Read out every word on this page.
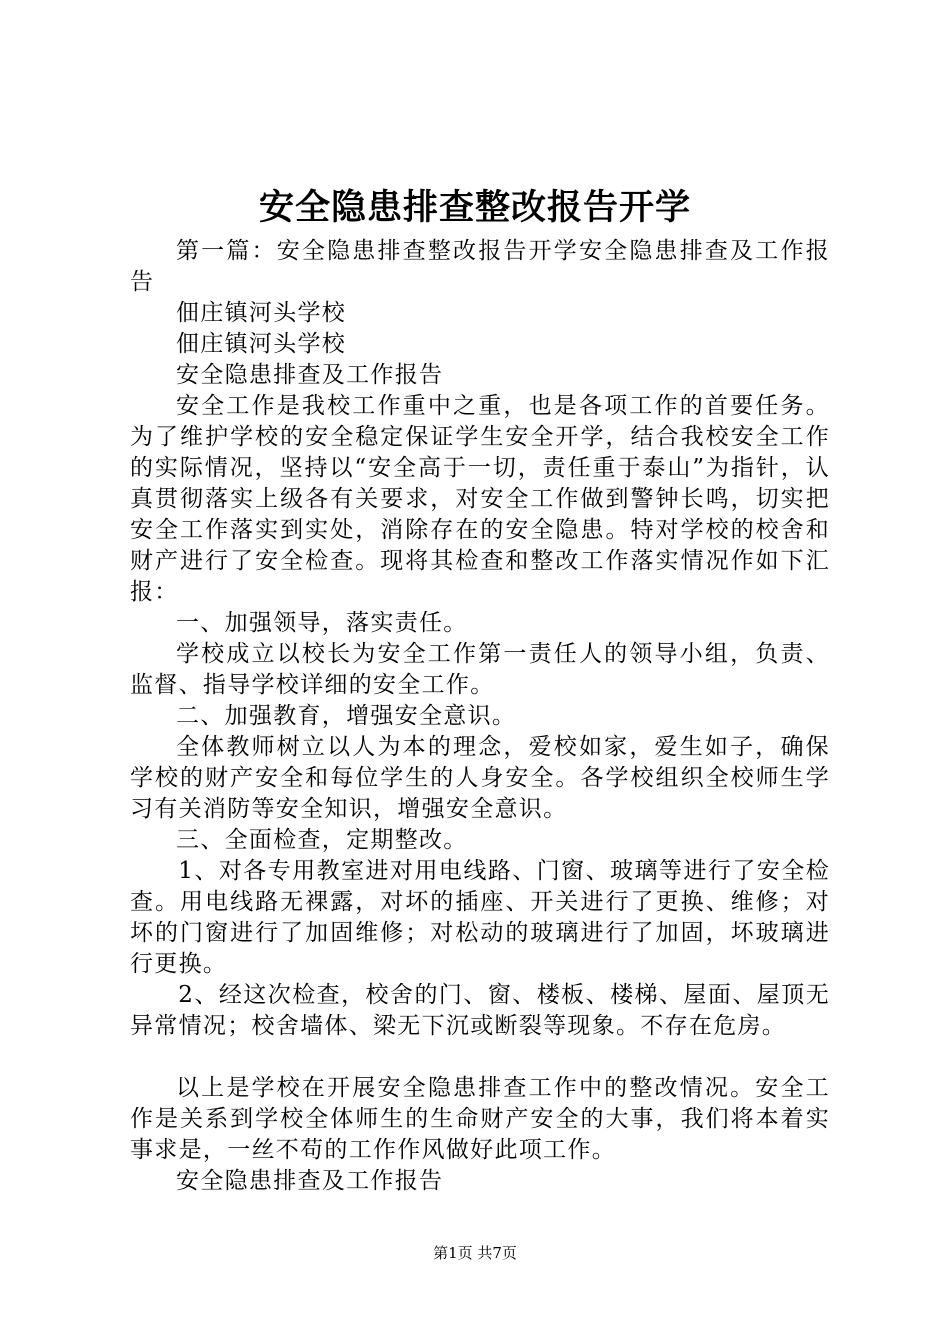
安全隐患排查整改报告开学

第一篇：安全隐患排查整改报告开学安全隐患排查及工作报告

佃庄镇河头学校

佃庄镇河头学校

安全隐患排查及工作报告

安全工作是我校工作重中之重，也是各项工作的首要任务。为了维护学校的安全稳定保证学生安全开学，结合我校安全工作的实际情况，坚持以“安全高于一切，责任重于泰山”为指针，认真贯彻落实上级各有关要求，对安全工作做到警钟长鸣，切实把安全工作落实到实处，消除存在的安全隐患。特对学校的校舍和财产进行了安全检查。现将其检查和整改工作落实情况作如下汇报：

一、加强领导，落实责任。

学校成立以校长为安全工作第一责任人的领导小组，负责、监督、指导学校详细的安全工作。

二、加强教育，增强安全意识。

全体教师树立以人为本的理念，爱校如家，爱生如子，确保学校的财产安全和每位学生的人身安全。各学校组织全校师生学习有关消防等安全知识，增强安全意识。

三、全面检查，定期整改。

1、对各专用教室进对用电线路、门窗、玻璃等进行了安全检查。用电线路无裸露，对坏的插座、开关进行了更换、维修；对坏的门窗进行了加固维修；对松动的玻璃进行了加固，坏玻璃进行更换。

2、经这次检查，校舍的门、窗、楼板、楼梯、屋面、屋顶无异常情况；校舍墙体、梁无下沉或断裂等现象。不存在危房。

以上是学校在开展安全隐患排查工作中的整改情况。安全工作是关系到学校全体师生的生命财产安全的大事，我们将本着实事求是，一丝不苟的工作作风做好此项工作。

安全隐患排查及工作报告

第1页 共7页
